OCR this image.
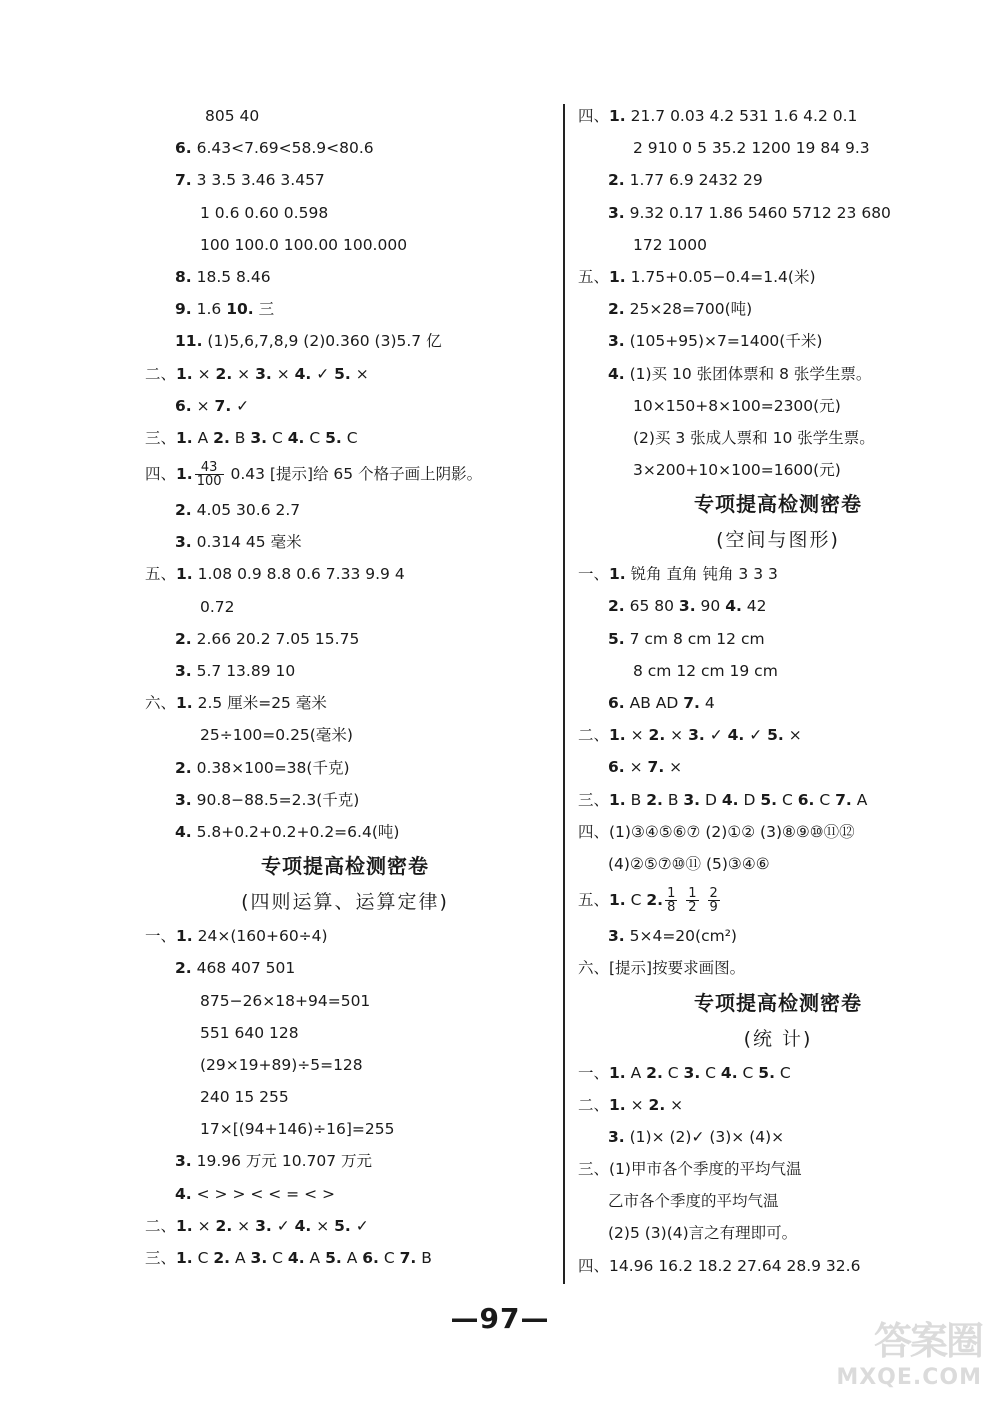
805 40
6. 6.43<7.69<58.9<80.6
7. 3 3.5 3.46 3.457
1 0.6 0.60 0.598
100 100.0 100.00 100.000
8. 18.5 8.46
9. 1.6 10. 三
11. (1)5,6,7,8,9 (2)0.360 (3)5.7 亿
二、1. × 2. × 3. × 4. ✓ 5. ×
6. × 7. ✓
三、1. A 2. B 3. C 4. C 5. C
四、1. $\frac{43}{100} 0.43$ [提示]给 65 个格子画上阴影。
2. 4.05 30.6 2.7
3. 0.314 45 毫米
五、1. 1.08 0.9 8.8 0.6 7.33 9.9 4
0.72
2. 2.66 20.2 7.05 15.75
3. 5.7 13.89 10
六、1. 2.5 厘米=25 毫米
25÷100=0.25(毫米)
2. 0.38×100=38(千克)
3. 90.8−88.5=2.3(千克)
4. 5.8+0.2+0.2+0.2=6.4(吨)
专项提高检测密卷
(四则运算、运算定律)
一、1. 24×(160+60÷4)
2. 468 407 501
875−26×18+94=501
551 640 128
(29×19+89)÷5=128
240 15 255
17×[(94+146)÷16]=255
3. 19.96 万元 10.707 万元
4. < > > < < = < >
二、1. × 2. × 3. ✓ 4. × 5. ✓
三、1. C 2. A 3. C 4. A 5. A 6. C 7. B
四、1. 21.7 0.03 4.2 531 1.6 4.2 0.1
2 910 0 5 35.2 1200 19 84 9.3
2. 1.77 6.9 2432 29
3. 9.32 0.17 1.86 5460 5712 23 680
172 1000
五、1. 1.75+0.05−0.4=1.4(米)
2. 25×28=700(吨)
3. (105+95)×7=1400(千米)
4. (1)买 10 张团体票和 8 张学生票。
10×150+8×100=2300(元)
(2)买 3 张成人票和 10 张学生票。
3×200+10×100=1600(元)
专项提高检测密卷
(空间与图形)
一、1. 锐角 直角 钝角 3 3 3
2. 65 80 3. 90 4. 42
5. 7 cm 8 cm 12 cm
8 cm 12 cm 19 cm
6. AB AD 7. 4
二、1. × 2. × 3. ✓ 4. ✓ 5. ×
6. × 7. ×
三、1. B 2. B 3. D 4. D 5. C 6. C 7. A
四、(1)③④⑤⑥⑦ (2)①② (3)⑧⑨⑩⑪⑫
(4)②⑤⑦⑩⑪ (5)③④⑥
五、1. C 2. $\frac{1}{8}$
$\frac{1}{2}$
$\frac{2}{9}$
3. 5×4=20(cm²)
六、[提示]按要求画图。
专项提高检测密卷
(统 计)
一、1. A 2. C 3. C 4. C 5. C
二、1. × 2. ×
3. (1)× (2)✓ (3)× (4)×
三、(1)甲市各个季度的平均气温
乙市各个季度的平均气温
(2)5 (3)(4)言之有理即可。
四、14.96 16.2 18.2 27.64 28.9 32.6
—97—	答案圈
MXQE.COM
